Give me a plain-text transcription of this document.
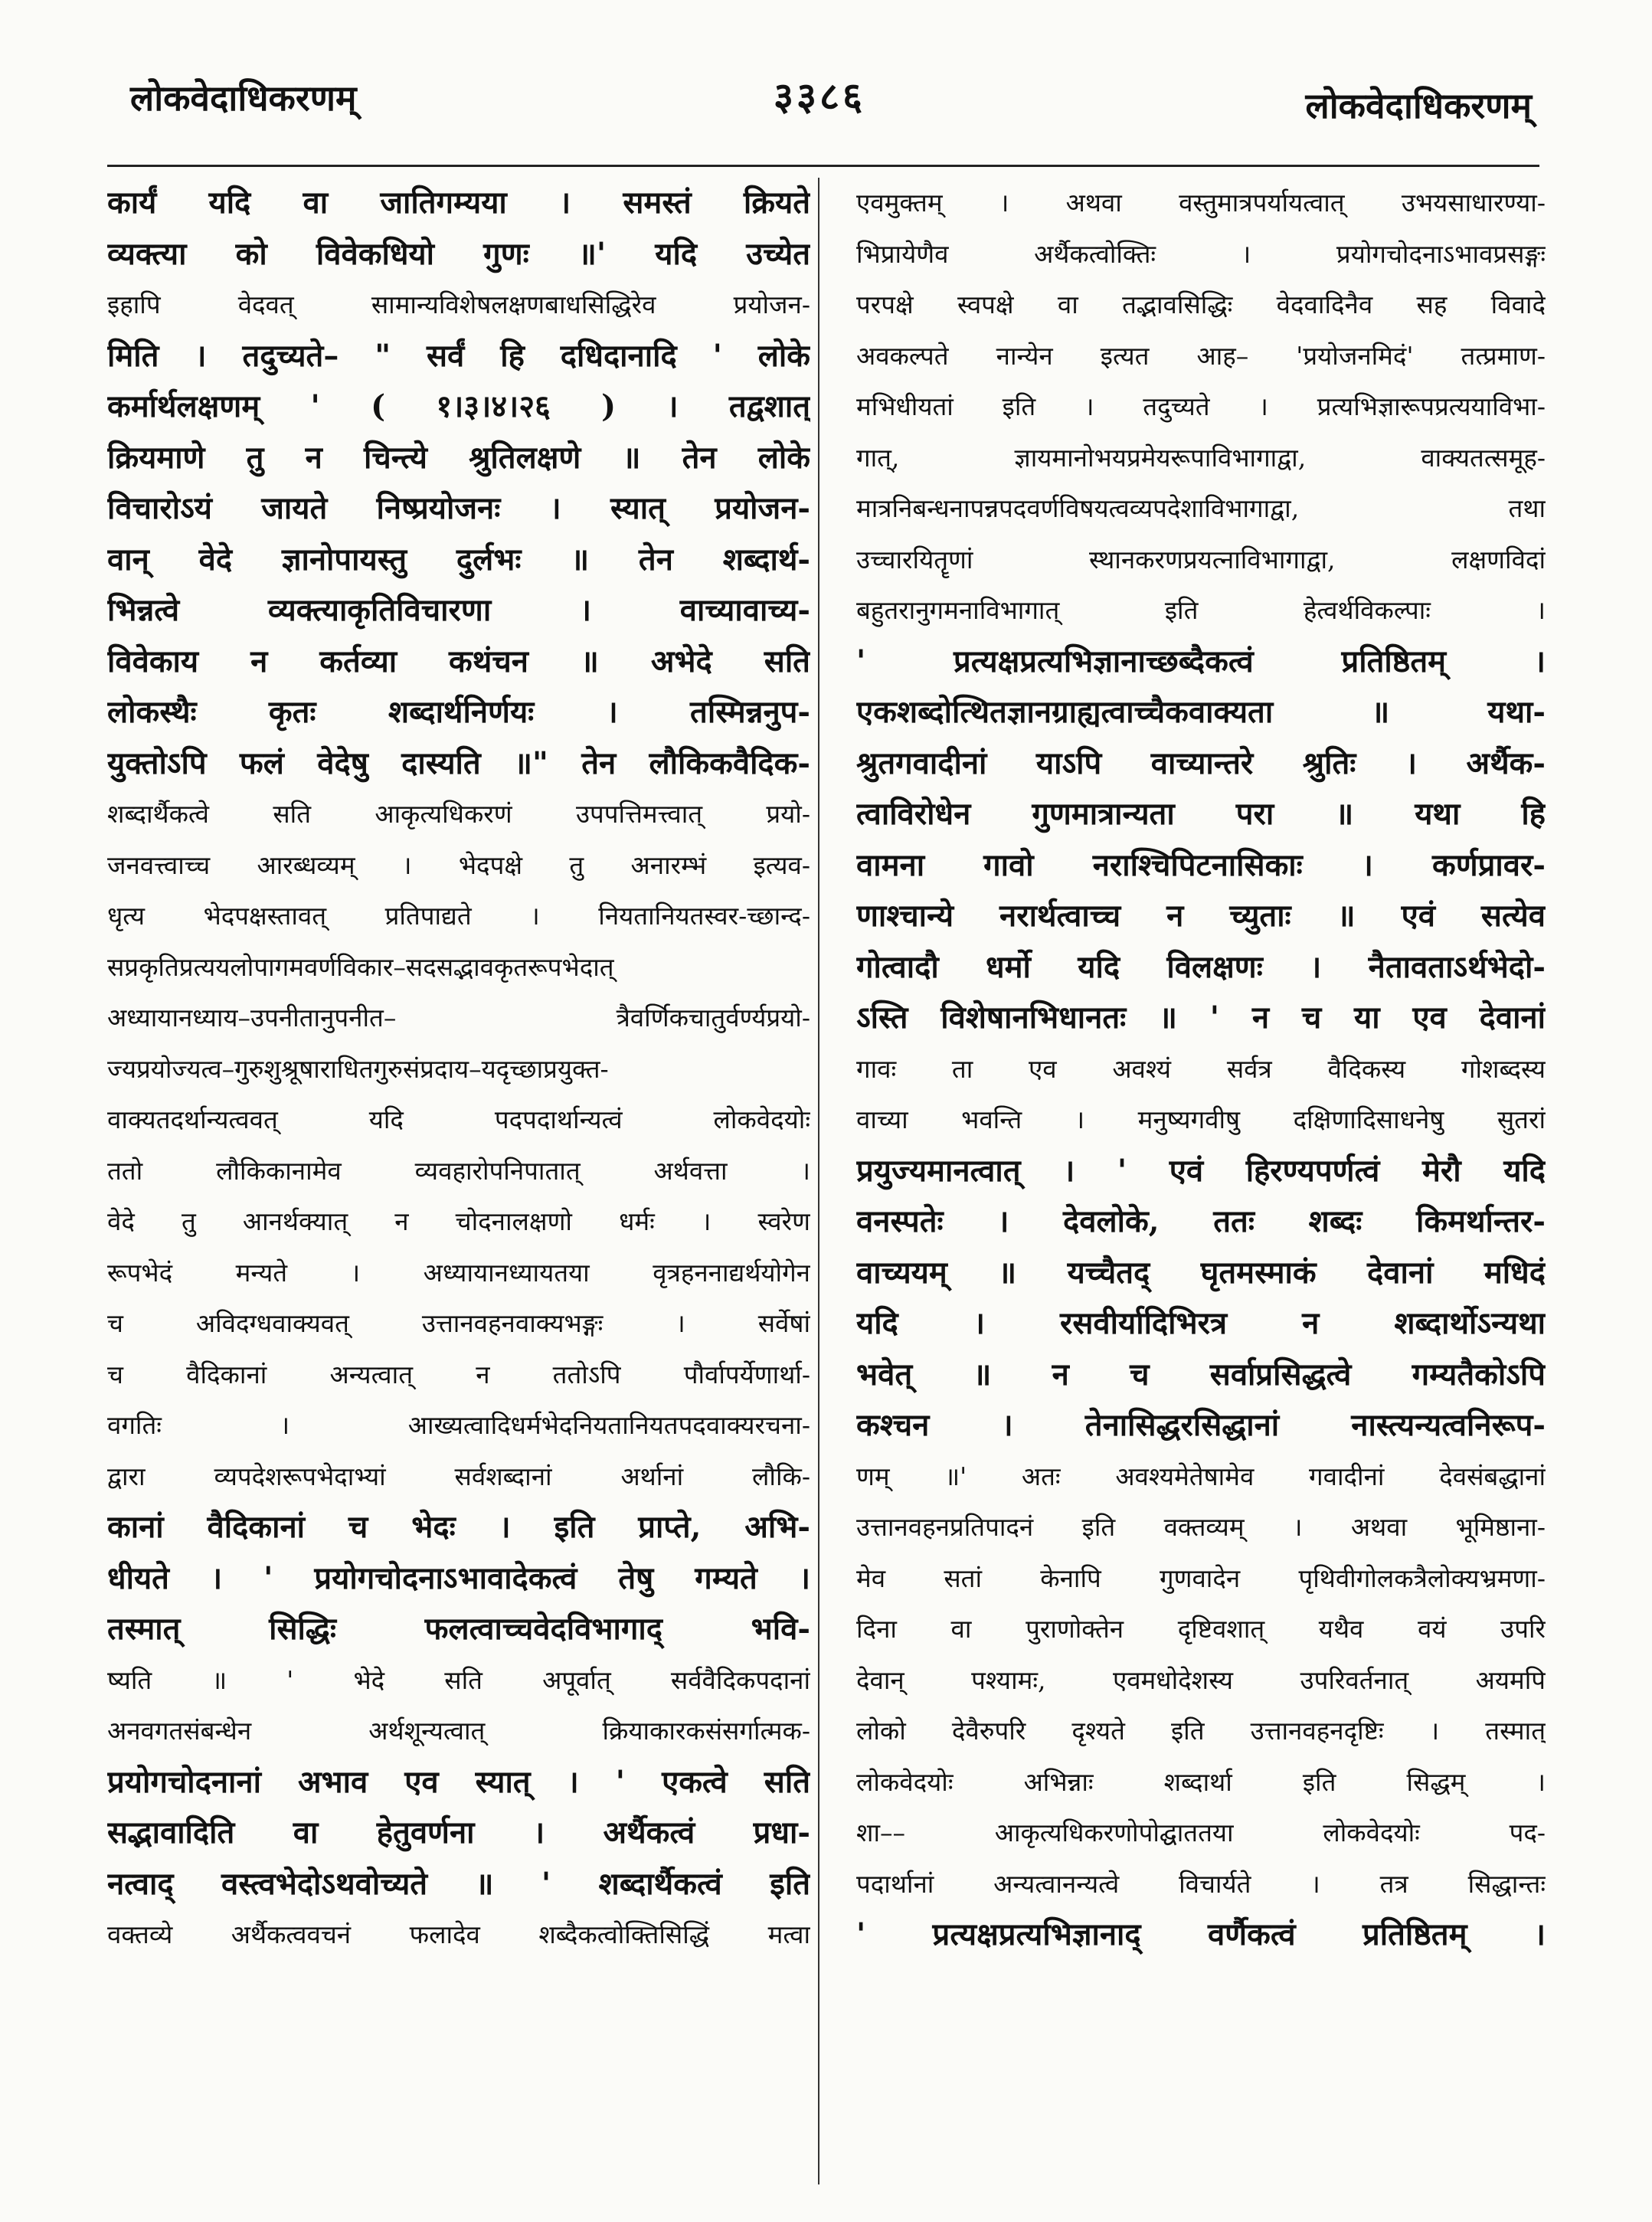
लोकवेदाधिकरणम्	३३८६	लोकवेदाधिकरणम्
कार्यं यदि वा जातिगम्यया । समस्तं क्रियते
व्यक्त्या को विवेकधियो गुणः ॥' यदि उच्येत
इहापि वेदवत् सामान्यविशेषलक्षणबाधसिद्धिरेव प्रयोजन-
मिति । तदुच्यते– " सर्वं हि दधिदानादि ' लोके
कर्मार्थलक्षणम् ' ( १।३।४।२६ ) । तद्वशात्
क्रियमाणे तु न चिन्त्ये श्रुतिलक्षणे ॥ तेन लोके
विचारोऽयं जायते निष्प्रयोजनः । स्यात् प्रयोजन-
वान् वेदे ज्ञानोपायस्तु दुर्लभः ॥ तेन शब्दार्थ-
भिन्नत्वे व्यक्त्याकृतिविचारणा । वाच्यावाच्य-
विवेकाय न कर्तव्या कथंचन ॥ अभेदे सति
लोकस्थैः कृतः शब्दार्थनिर्णयः । तस्मिन्ननुप-
युक्तोऽपि फलं वेदेषु दास्यति ॥" तेन लौकिकवैदिक-
शब्दार्थैकत्वे सति आकृत्यधिकरणं उपपत्तिमत्त्वात् प्रयो-
जनवत्त्वाच्च आरब्धव्यम् । भेदपक्षे तु अनारम्भं इत्यव-
धृत्य भेदपक्षस्तावत् प्रतिपाद्यते । नियतानियतस्वर-च्छान्द-
सप्रकृतिप्रत्ययलोपागमवर्णविकार–सदसद्भावकृतरूपभेदात्
अध्यायानध्याय–उपनीतानुपनीत– त्रैवर्णिकचातुर्वर्ण्यप्रयो-
ज्यप्रयोज्यत्व–गुरुशुश्रूषाराधितगुरुसंप्रदाय–यदृच्छाप्रयुक्त-
वाक्यतदर्थान्यत्ववत् यदि पदपदार्थान्यत्वं लोकवेदयोः
ततो लौकिकानामेव व्यवहारोपनिपातात् अर्थवत्ता ।
वेदे तु आनर्थक्यात् न चोदनालक्षणो धर्मः । स्वरेण
रूपभेदं मन्यते । अध्यायानध्यायतया वृत्रहननाद्यर्थयोगेन
च अविदग्धवाक्यवत् उत्तानवहनवाक्यभङ्गः । सर्वेषां
च वैदिकानां अन्यत्वात् न ततोऽपि पौर्वापर्येणार्था-
वगतिः । आख्यत्वादिधर्मभेदनियतानियतपदवाक्यरचना-
द्वारा व्यपदेशरूपभेदाभ्यां सर्वशब्दानां अर्थानां लौकि-
कानां वैदिकानां च भेदः । इति प्राप्ते, अभि-
धीयते । ' प्रयोगचोदनाऽभावादेकत्वं तेषु गम्यते ।
तस्मात् सिद्धिः फलत्वाच्चवेदविभागाद् भवि-
ष्यति ॥ ' भेदे सति अपूर्वात् सर्ववैदिकपदानां
अनवगतसंबन्धेन अर्थशून्यत्वात् क्रियाकारकसंसर्गात्मक-
प्रयोगचोदनानां अभाव एव स्यात् । ' एकत्वे सति
सद्भावादिति वा हेतुवर्णना । अर्थैकत्वं प्रधा-
नत्वाद् वस्त्वभेदोऽथवोच्यते ॥ ' शब्दार्थैकत्वं इति
वक्तव्ये अर्थैकत्ववचनं फलादेव शब्दैकत्वोक्तिसिद्धिं मत्वा
एवमुक्तम् । अथवा वस्तुमात्रपर्यायत्वात् उभयसाधारण्या-
भिप्रायेणैव अर्थैकत्वोक्तिः । प्रयोगचोदनाऽभावप्रसङ्गः
परपक्षे स्वपक्षे वा तद्भावसिद्धिः वेदवादिनैव सह विवादे
अवकल्पते नान्येन इत्यत आह– 'प्रयोजनमिदं' तत्प्रमाण-
मभिधीयतां इति । तदुच्यते । प्रत्यभिज्ञारूपप्रत्ययाविभा-
गात्, ज्ञायमानोभयप्रमेयरूपाविभागाद्वा, वाक्यतत्समूह-
मात्रनिबन्धनापन्नपदवर्णविषयत्वव्यपदेशाविभागाद्वा, तथा
उच्चारयितॄणां स्थानकरणप्रयत्नाविभागाद्वा, लक्षणविदां
बहुतरानुगमनाविभागात् इति हेत्वर्थविकल्पाः ।
' प्रत्यक्षप्रत्यभिज्ञानाच्छब्दैकत्वं प्रतिष्ठितम् ।
एकशब्दोत्थितज्ञानग्राह्यत्वाच्चैकवाक्यता ॥ यथा-
श्रुतगवादीनां याऽपि वाच्यान्तरे श्रुतिः । अर्थैक-
त्वाविरोधेन गुणमात्रान्यता परा ॥ यथा हि
वामना गावो नराश्चिपिटनासिकाः । कर्णप्रावर-
णाश्चान्ये नरार्थत्वाच्च न च्युताः ॥ एवं सत्येव
गोत्वादौ धर्मो यदि विलक्षणः । नैतावताऽर्थभेदो-
ऽस्ति विशेषानभिधानतः ॥ ' न च या एव देवानां
गावः ता एव अवश्यं सर्वत्र वैदिकस्य गोशब्दस्य
वाच्या भवन्ति । मनुष्यगवीषु दक्षिणादिसाधनेषु सुतरां
प्रयुज्यमानत्वात् । ' एवं हिरण्यपर्णत्वं मेरौ यदि
वनस्पतेः । देवलोके, ततः शब्दः किमर्थान्तर-
वाच्ययम् ॥ यच्चैतद् घृतमस्माकं देवानां मधिदं
यदि । रसवीर्यादिभिरत्र न शब्दार्थोऽन्यथा
भवेत् ॥ न च सर्वाप्रसिद्धत्वे गम्यतैकोऽपि
कश्चन । तेनासिद्धरसिद्धानां नास्त्यन्यत्वनिरूप-
णम् ॥' अतः अवश्यमेतेषामेव गवादीनां देवसंबद्धानां
उत्तानवहनप्रतिपादनं इति वक्तव्यम् । अथवा भूमिष्ठाना-
मेव सतां केनापि गुणवादेन पृथिवीगोलकत्रैलोक्यभ्रमणा-
दिना वा पुराणोक्तेन दृष्टिवशात् यथैव वयं उपरि
देवान् पश्यामः, एवमधोदेशस्य उपरिवर्तनात् अयमपि
लोको देवैरुपरि दृश्यते इति उत्तानवहनदृष्टिः । तस्मात्
लोकवेदयोः अभिन्नाः शब्दार्था इति सिद्धम् ।
शा–– आकृत्यधिकरणोपोद्घाततया लोकवेदयोः पद-
पदार्थानां अन्यत्वानन्यत्वे विचार्यते । तत्र सिद्धान्तः
' प्रत्यक्षप्रत्यभिज्ञानाद् वर्णैकत्वं प्रतिष्ठितम् ।
